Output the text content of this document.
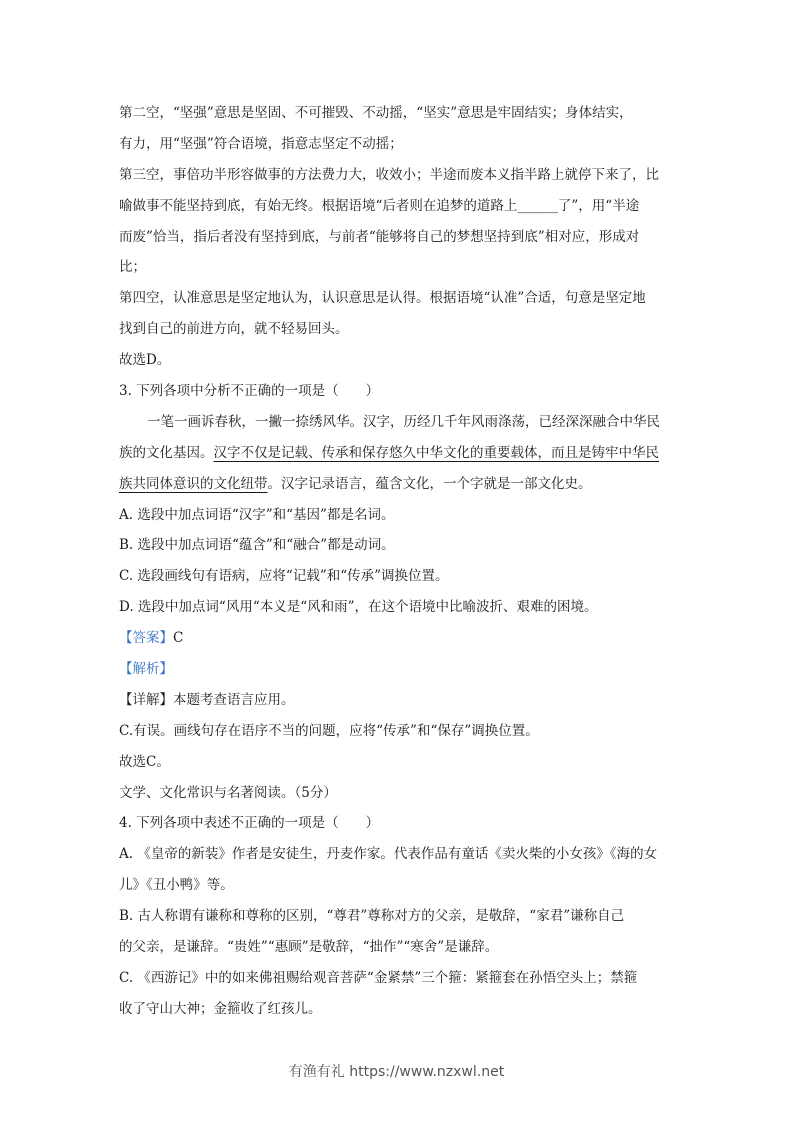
第二空，“坚强”意思是坚固、不可摧毁、不动摇，“坚实”意思是牢固结实；身体结实，
有力，用“坚强”符合语境，指意志坚定不动摇；
第三空，事倍功半形容做事的方法费力大，收效小；半途而废本义指半路上就停下来了，比
喻做事不能坚持到底，有始无终。根据语境“后者则在追梦的道路上______了”，用“半途
而废”恰当，指后者没有坚持到底，与前者“能够将自己的梦想坚持到底”相对应，形成对
比；
第四空，认准意思是坚定地认为，认识意思是认得。根据语境“认准”合适，句意是坚定地
找到自己的前进方向，就不轻易回头。
故选D。
3. 下列各项中分析不正确的一项是（　　）
一笔一画诉春秋，一撇一捺绣风华。汉字，历经几千年风雨涤荡，已经深深融合中华民
族的文化基因。汉字不仅是记载、传承和保存悠久中华文化的重要载体，而且是铸牢中华民
族共同体意识的文化纽带。汉字记录语言，蕴含文化，一个字就是一部文化史。
A. 选段中加点词语“汉字”和“基因”都是名词。
B. 选段中加点词语“蕴含”和“融合”都是动词。
C. 选段画线句有语病，应将“记载”和“传承”调换位置。
D. 选段中加点词“风用“本义是“风和雨”，在这个语境中比喻波折、艰难的困境。
【答案】C
【解析】
【详解】本题考查语言应用。
C.有误。画线句存在语序不当的问题，应将“传承”和“保存”调换位置。
故选C。
文学、文化常识与名著阅读。（5分）
4. 下列各项中表述不正确的一项是（　　）
A. 《皇帝的新装》作者是安徒生，丹麦作家。代表作品有童话《卖火柴的小女孩》《海的女
儿》《丑小鸭》等。
B. 古人称谓有谦称和尊称的区别，“尊君”尊称对方的父亲，是敬辞，“家君”谦称自己
的父亲，是谦辞。“贵姓”“惠顾”是敬辞，“拙作”“寒舍”是谦辞。
C. 《西游记》中的如来佛祖赐给观音菩萨“金紧禁”三个箍：紧箍套在孙悟空头上；禁箍
收了守山大神；金箍收了红孩儿。
有渔有礼 https://www.nzxwl.net
